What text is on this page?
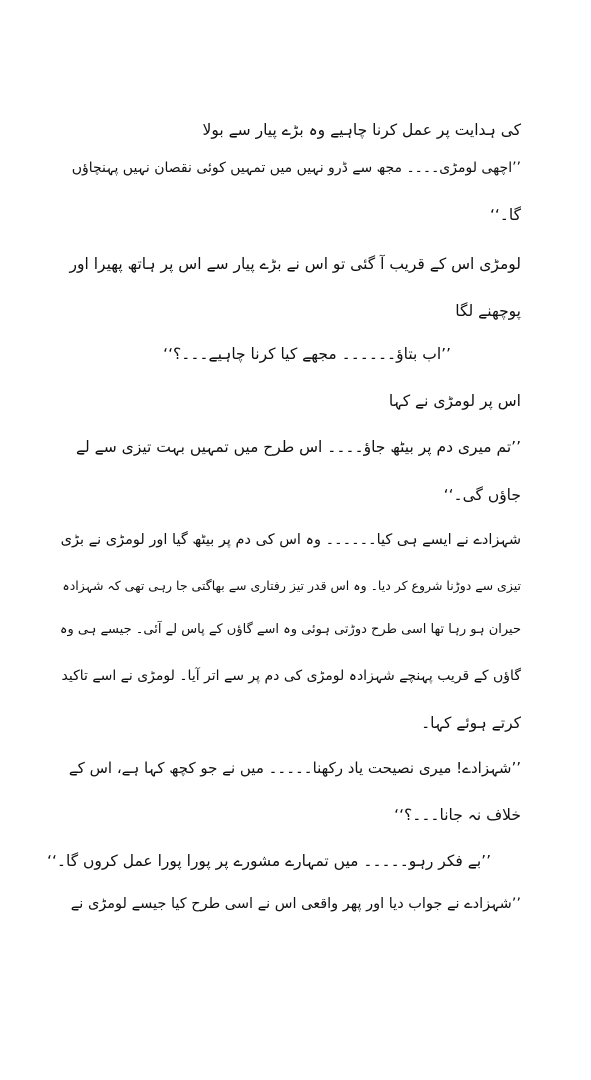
کی ہدایت پر عمل کرنا چاہیے وہ بڑے پیار سے بولا
’’اچھی لومڑی۔۔۔۔ مجھ سے ڈرو نہیں میں تمہیں کوئی نقصان نہیں پہنچاؤں
گا۔‘‘
لومڑی اس کے قریب آ گئی تو اس نے بڑے پیار سے اس پر ہاتھ پھیرا اور
پوچھنے لگا
’’اب بتاؤ۔۔۔۔۔۔ مجھے کیا کرنا چاہیے۔۔۔؟‘‘
اس پر لومڑی نے کہا
’’تم میری دم پر بیٹھ جاؤ۔۔۔۔ اس طرح میں تمہیں بہت تیزی سے لے
جاؤں گی۔‘‘
شہزادے نے ایسے ہی کیا۔۔۔۔۔۔ وہ اس کی دم پر بیٹھ گیا اور لومڑی نے بڑی
تیزی سے دوڑنا شروع کر دیا۔ وہ اس قدر تیز رفتاری سے بھاگتی جا رہی تھی کہ شہزادہ
حیران ہو رہا تھا اسی طرح دوڑتی ہوئی وہ اسے گاؤں کے پاس لے آئی۔ جیسے ہی وہ
گاؤں کے قریب پہنچے شہزادہ لومڑی کی دم پر سے اتر آیا۔ لومڑی نے اسے تاکید
کرتے ہوئے کہا۔
’’شہزادے! میری نصیحت یاد رکھنا۔۔۔۔۔ میں نے جو کچھ کہا ہے، اس کے
خلاف نہ جانا۔۔۔؟‘‘
’’بے فکر رہو۔۔۔۔۔ میں تمہارے مشورے پر پورا پورا عمل کروں گا۔‘‘
’’شہزادے نے جواب دیا اور پھر واقعی اس نے اسی طرح کیا جیسے لومڑی نے
